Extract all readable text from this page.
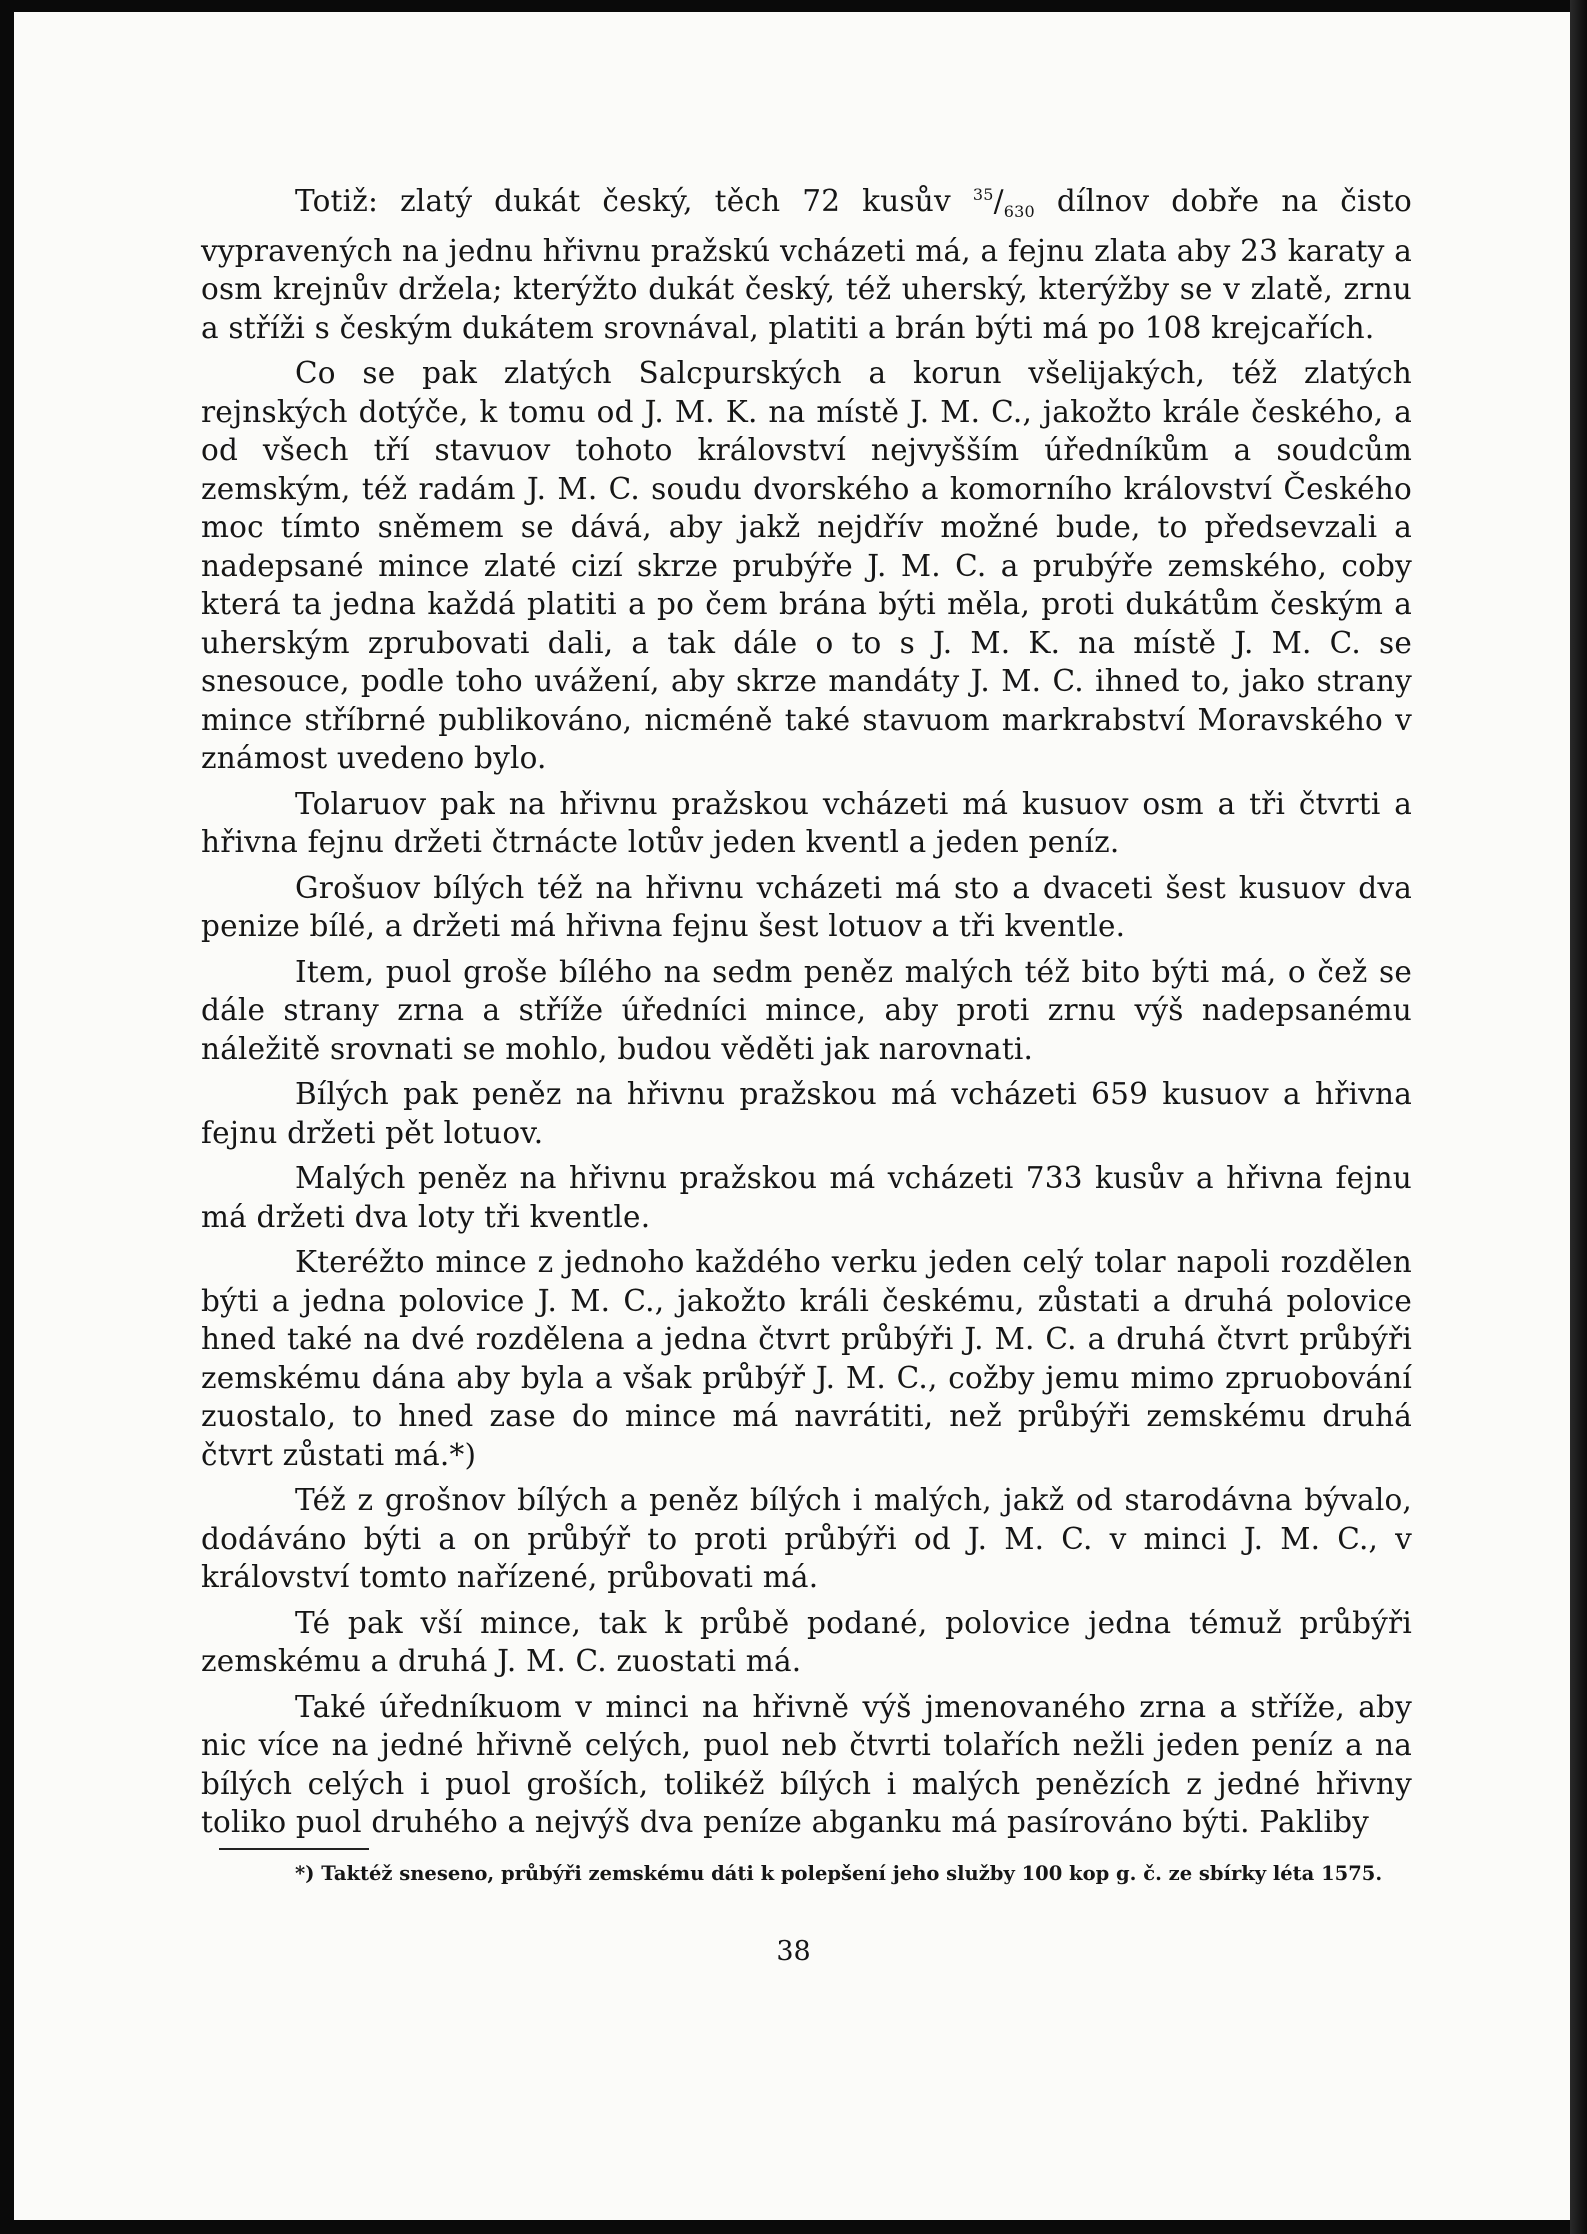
Totiž: zlatý dukát český, těch 72 kusův $^{35}/_{630}$ dílnov dobře na čisto vypravených na jednu hřivnu pražskú vcházeti má, a fejnu zlata aby 23 karaty a osm krejnův držela; kterýžto dukát český, též uherský, kterýžby se v zlatě, zrnu a stříži s českým dukátem srovnával, platiti a brán býti má po 108 krejcařích.

Co se pak zlatých Salcpurských a korun všelijakých, též zlatých rejnských dotýče, k tomu od J. M. K. na místě J. M. C., jakožto krále českého, a od všech tří stavuov tohoto království nejvyšším úředníkům a soudcům zemským, též radám J. M. C. soudu dvorského a komorního království Českého moc tímto sněmem se dává, aby jakž nejdřív možné bude, to předsevzali a nadepsané mince zlaté cizí skrze prubýře J. M. C. a prubýře zemského, coby která ta jedna každá platiti a po čem brána býti měla, proti dukátům českým a uherským zprubovati dali, a tak dále o to s J. M. K. na místě J. M. C. se snesouce, podle toho uvážení, aby skrze mandáty J. M. C. ihned to, jako strany mince stříbrné publikováno, nicméně také stavuom markrabství Moravského v známost uvedeno bylo.

Tolaruov pak na hřivnu pražskou vcházeti má kusuov osm a tři čtvrti a hřivna fejnu držeti čtrnácte lotův jeden kventl a jeden peníz.

Grošuov bílých též na hřivnu vcházeti má sto a dvaceti šest kusuov dva penize bílé, a držeti má hřivna fejnu šest lotuov a tři kventle.

Item, puol groše bílého na sedm peněz malých též bito býti má, o čež se dále strany zrna a stříže úředníci mince, aby proti zrnu výš nadepsanému náležitě srovnati se mohlo, budou věděti jak narovnati.

Bílých pak peněz na hřivnu pražskou má vcházeti 659 kusuov a hřivna fejnu držeti pět lotuov.

Malých peněz na hřivnu pražskou má vcházeti 733 kusův a hřivna fejnu má držeti dva loty tři kventle.

Kteréžto mince z jednoho každého verku jeden celý tolar napoli rozdělen býti a jedna polovice J. M. C., jakožto králi českému, zůstati a druhá polovice hned také na dvé rozdělena a jedna čtvrt průbýři J. M. C. a druhá čtvrt průbýři zemskému dána aby byla a však průbýř J. M. C., cožby jemu mimo zpruobování zuostalo, to hned zase do mince má navrátiti, než průbýři zemskému druhá čtvrt zůstati má.*)

Též z grošnov bílých a peněz bílých i malých, jakž od starodávna bývalo, dodáváno býti a on průbýř to proti průbýři od J. M. C. v minci J. M. C., v království tomto nařízené, průbovati má.

Té pak vší mince, tak k průbě podané, polovice jedna témuž průbýři zemskému a druhá J. M. C. zuostati má.

Také úředníkuom v minci na hřivně výš jmenovaného zrna a stříže, aby nic více na jedné hřivně celých, puol neb čtvrti tolařích nežli jeden peníz a na bílých celých i puol groších, tolikéž bílých i malých penězích z jedné hřivny toliko puol druhého a nejvýš dva peníze abganku má pasírováno býti. Pakliby

*) Taktéž sneseno, průbýři zemskému dáti k polepšení jeho služby 100 kop g. č. ze sbírky léta 1575.
38
